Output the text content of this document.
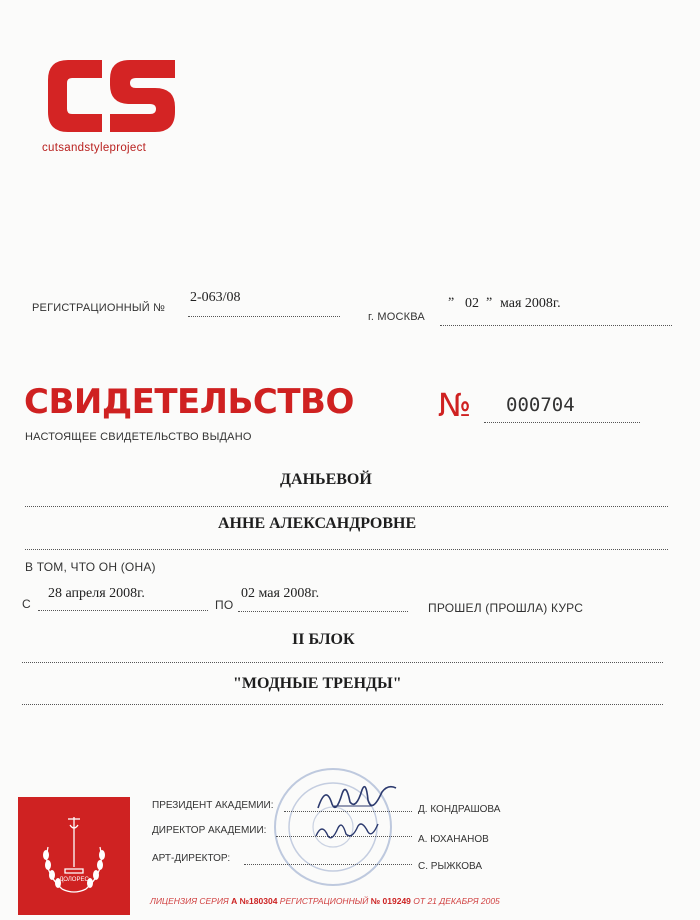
cutsandstyleproject
РЕГИСТРАЦИОННЫЙ №
2-063/08
г. МОСКВА
„
02
„
мая 2008г.
СВИДЕТЕЛЬСТВО	№ 000704
НАСТОЯЩЕЕ СВИДЕТЕЛЬСТВО ВЫДАНО
ДАНЬЕВОЙ
АННЕ АЛЕКСАНДРОВНЕ
В ТОМ, ЧТО ОН (ОНА)
С
28 апреля 2008г.
ПО
02 мая 2008г.
ПРОШЕЛ (ПРОШЛА) КУРС
II БЛОК
"МОДНЫЕ ТРЕНДЫ"
ДОЛОРЕС
ПРЕЗИДЕНТ АКАДЕМИИ:	Д. КОНДРАШОВА
ДИРЕКТОР АКАДЕМИИ:
А. ЮХАНАНОВ
АРТ-ДИРЕКТОР:
С. РЫЖКОВА
ЛИЦЕНЗИЯ СЕРИЯ А №180304 РЕГИСТРАЦИОННЫЙ № 019249 ОТ 21 ДЕКАБРЯ 2005
